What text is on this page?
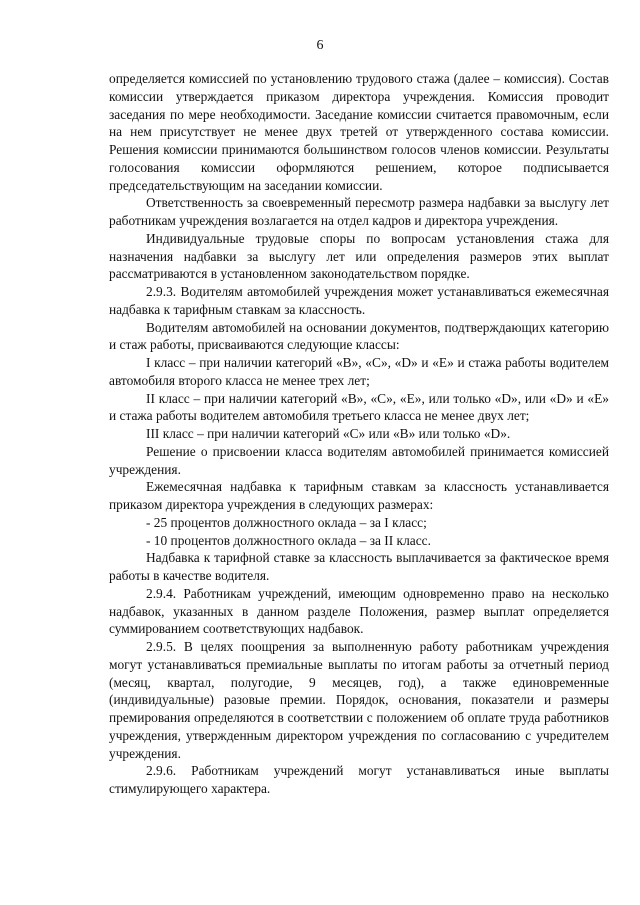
6

определяется комиссией по установлению трудового стажа (далее – комиссия). Состав комиссии утверждается приказом директора учреждения. Комиссия проводит заседания по мере необходимости. Заседание комиссии считается правомочным, если на нем присутствует не менее двух третей от утвержденного состава комиссии. Решения комиссии принимаются большинством голосов членов комиссии. Результаты голосования комиссии оформляются решением, которое подписывается председательствующим на заседании комиссии.

Ответственность за своевременный пересмотр размера надбавки за выслугу лет работникам учреждения возлагается на отдел кадров и директора учреждения.

Индивидуальные трудовые споры по вопросам установления стажа для назначения надбавки за выслугу лет или определения размеров этих выплат рассматриваются в установленном законодательством порядке.

2.9.3. Водителям автомобилей учреждения может устанавливаться ежемесячная надбавка к тарифным ставкам за классность.

Водителям автомобилей на основании документов, подтверждающих категорию и стаж работы, присваиваются следующие классы:

I класс – при наличии категорий «В», «С», «D» и «Е» и стажа работы водителем автомобиля второго класса не менее трех лет;

II класс – при наличии категорий «В», «С», «Е», или только «D», или «D» и «Е» и стажа работы водителем автомобиля третьего класса не менее двух лет;

III класс – при наличии категорий «С» или «В» или только «D».

Решение о присвоении класса водителям автомобилей принимается комиссией учреждения.

Ежемесячная надбавка к тарифным ставкам за классность устанавливается приказом директора учреждения в следующих размерах:

- 25 процентов должностного оклада – за I класс;

- 10 процентов должностного оклада – за II класс.

Надбавка к тарифной ставке за классность выплачивается за фактическое время работы в качестве водителя.

2.9.4. Работникам учреждений, имеющим одновременно право на несколько надбавок, указанных в данном разделе Положения, размер выплат определяется суммированием соответствующих надбавок.

2.9.5. В целях поощрения за выполненную работу работникам учреждения могут устанавливаться премиальные выплаты по итогам работы за отчетный период (месяц, квартал, полугодие, 9 месяцев, год), а также единовременные (индивидуальные) разовые премии. Порядок, основания, показатели и размеры премирования определяются в соответствии с положением об оплате труда работников учреждения, утвержденным директором учреждения по согласованию с учредителем учреждения.

2.9.6. Работникам учреждений могут устанавливаться иные выплаты стимулирующего характера.
